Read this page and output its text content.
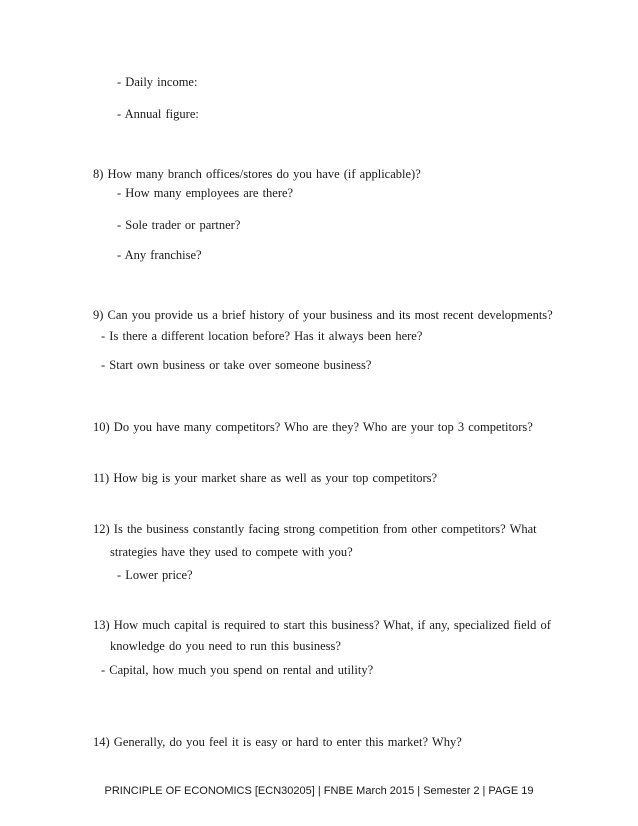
- Daily income:
- Annual figure:
8) How many branch offices/stores do you have (if applicable)?
- How many employees are there?
- Sole trader or partner?
- Any franchise?
9) Can you provide us a brief history of your business and its most recent developments?
- Is there a different location before? Has it always been here?
- Start own business or take over someone business?
10) Do you have many competitors? Who are they? Who are your top 3 competitors?
11) How big is your market share as well as your top competitors?
12) Is the business constantly facing strong competition from other competitors? What
strategies have they used to compete with you?
- Lower price?
13) How much capital is required to start this business? What, if any, specialized field of
knowledge do you need to run this business?
- Capital, how much you spend on rental and utility?
14) Generally, do you feel it is easy or hard to enter this market? Why?
PRINCIPLE OF ECONOMICS [ECN30205] | FNBE March 2015 | Semester 2 | PAGE 19
